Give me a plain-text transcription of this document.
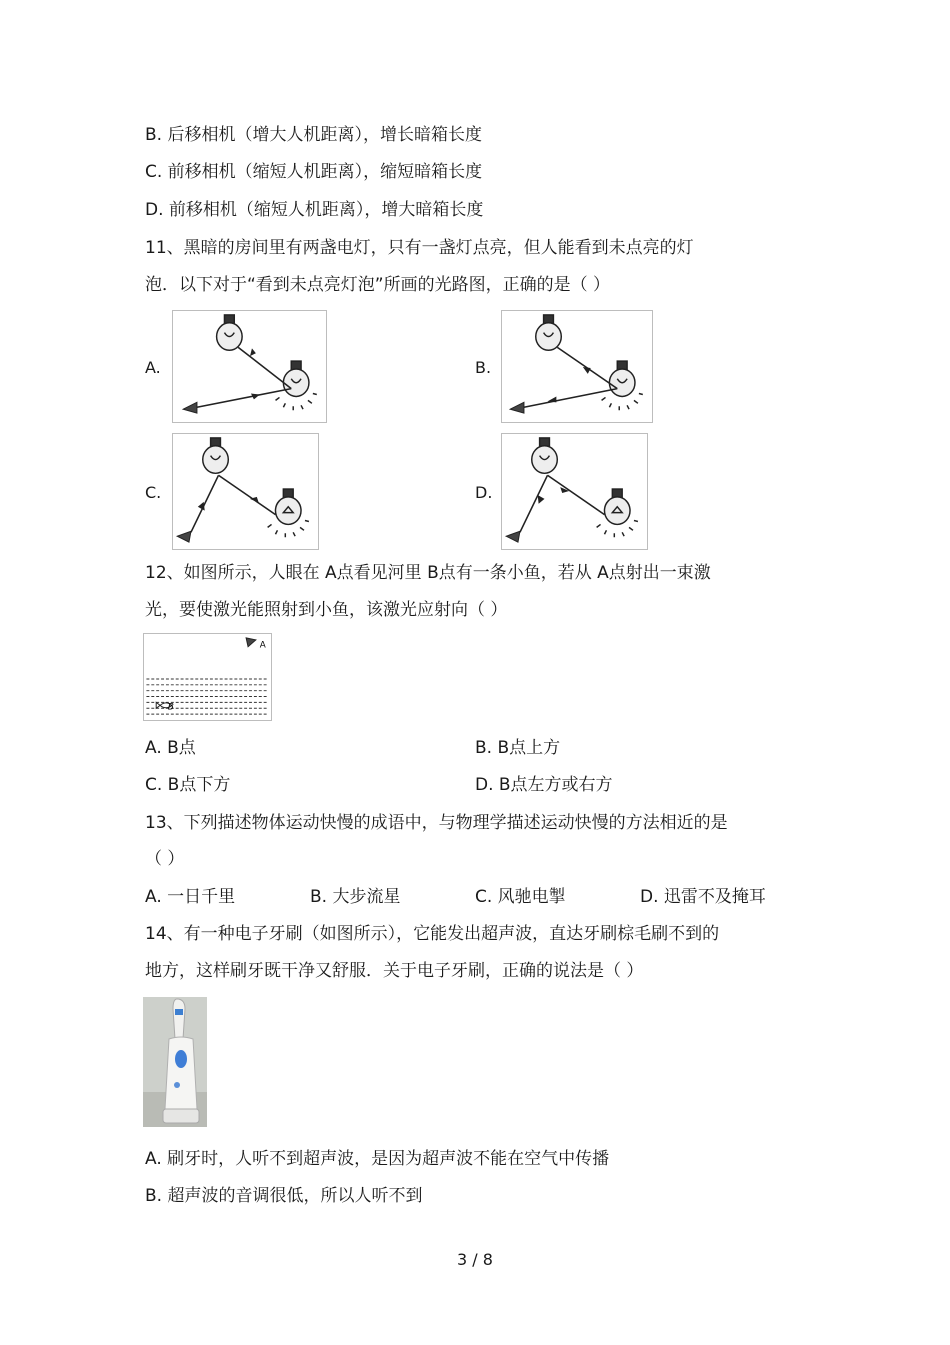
B. 后移相机（增大人机距离），增长暗箱长度
C. 前移相机（缩短人机距离），缩短暗箱长度
D. 前移相机（缩短人机距离），增大暗箱长度
11、黑暗的房间里有两盏电灯，只有一盏灯点亮，但人能看到未点亮的灯
泡．以下对于“看到未点亮灯泡”所画的光路图，正确的是（ ）
A.	B.
C.	D.
12、如图所示，人眼在 A点看见河里 B点有一条小鱼，若从 A点射出一束激
光，要使激光能照射到小鱼，该激光应射向（ ）
A
B
A. B点	B. B点上方
C. B点下方	D. B点左方或右方
13、下列描述物体运动快慢的成语中，与物理学描述运动快慢的方法相近的是
（ ）
A. 一日千里	B. 大步流星	C. 风驰电掣	D. 迅雷不及掩耳
14、有一种电子牙刷（如图所示），它能发出超声波，直达牙刷棕毛刷不到的
地方，这样刷牙既干净又舒服．关于电子牙刷，正确的说法是（ ）
A. 刷牙时，人听不到超声波，是因为超声波不能在空气中传播
B. 超声波的音调很低，所以人听不到
3 / 8
